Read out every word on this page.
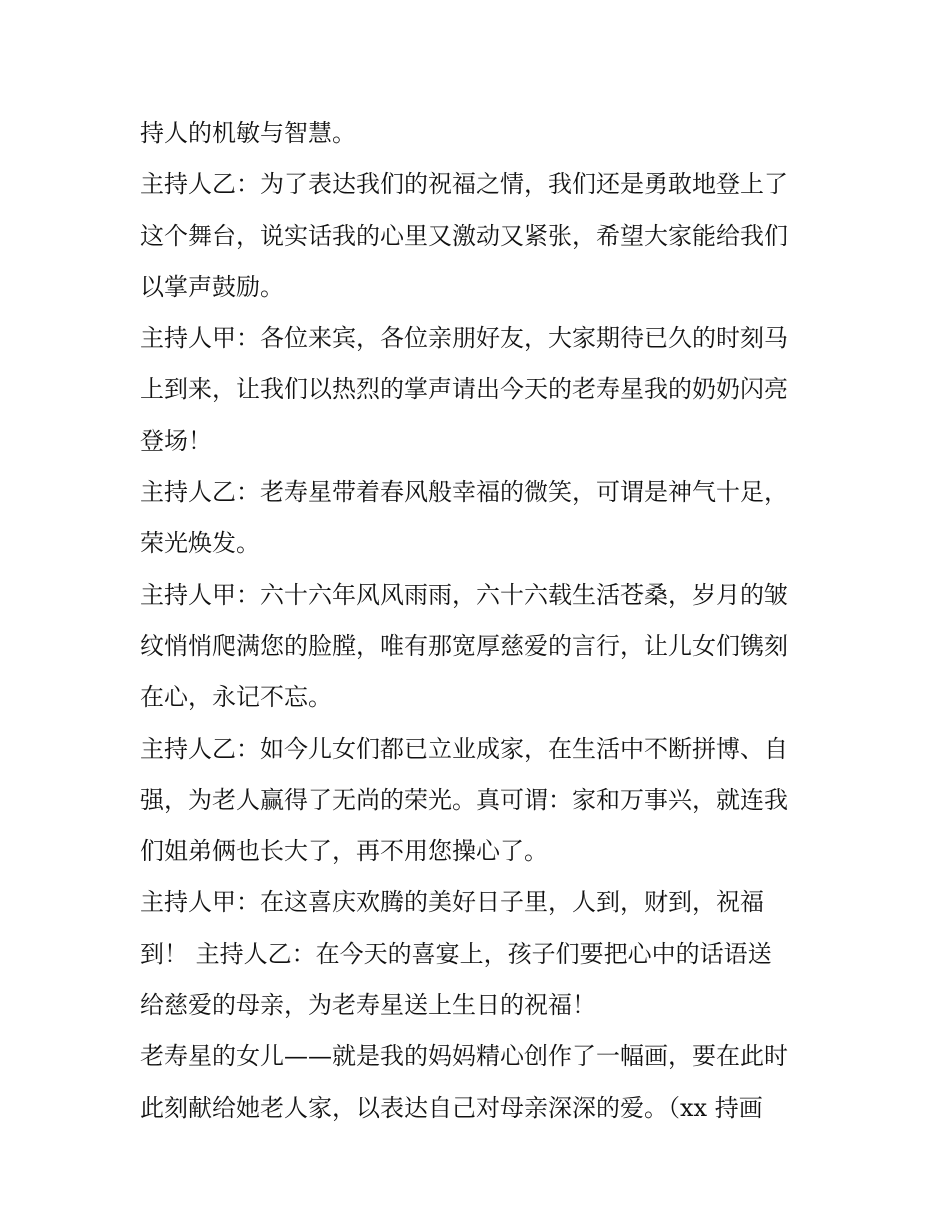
持人的机敏与智慧。
主持人乙：为了表达我们的祝福之情，我们还是勇敢地登上了
这个舞台，说实话我的心里又激动又紧张，希望大家能给我们
以掌声鼓励。
主持人甲：各位来宾，各位亲朋好友，大家期待已久的时刻马
上到来，让我们以热烈的掌声请出今天的老寿星我的奶奶闪亮
登场！
主持人乙：老寿星带着春风般幸福的微笑，可谓是神气十足，
荣光焕发。
主持人甲：六十六年风风雨雨，六十六载生活苍桑，岁月的皱
纹悄悄爬满您的脸膛，唯有那宽厚慈爱的言行，让儿女们镌刻
在心，永记不忘。
主持人乙：如今儿女们都已立业成家，在生活中不断拼博、自
强，为老人赢得了无尚的荣光。真可谓：家和万事兴，就连我
们姐弟俩也长大了，再不用您操心了。
主持人甲：在这喜庆欢腾的美好日子里，人到，财到，祝福
到！ 主持人乙：在今天的喜宴上，孩子们要把心中的话语送
给慈爱的母亲，为老寿星送上生日的祝福！
老寿星的女儿——就是我的妈妈精心创作了一幅画，要在此时
此刻献给她老人家，以表达自己对母亲深深的爱。（xx 持画
